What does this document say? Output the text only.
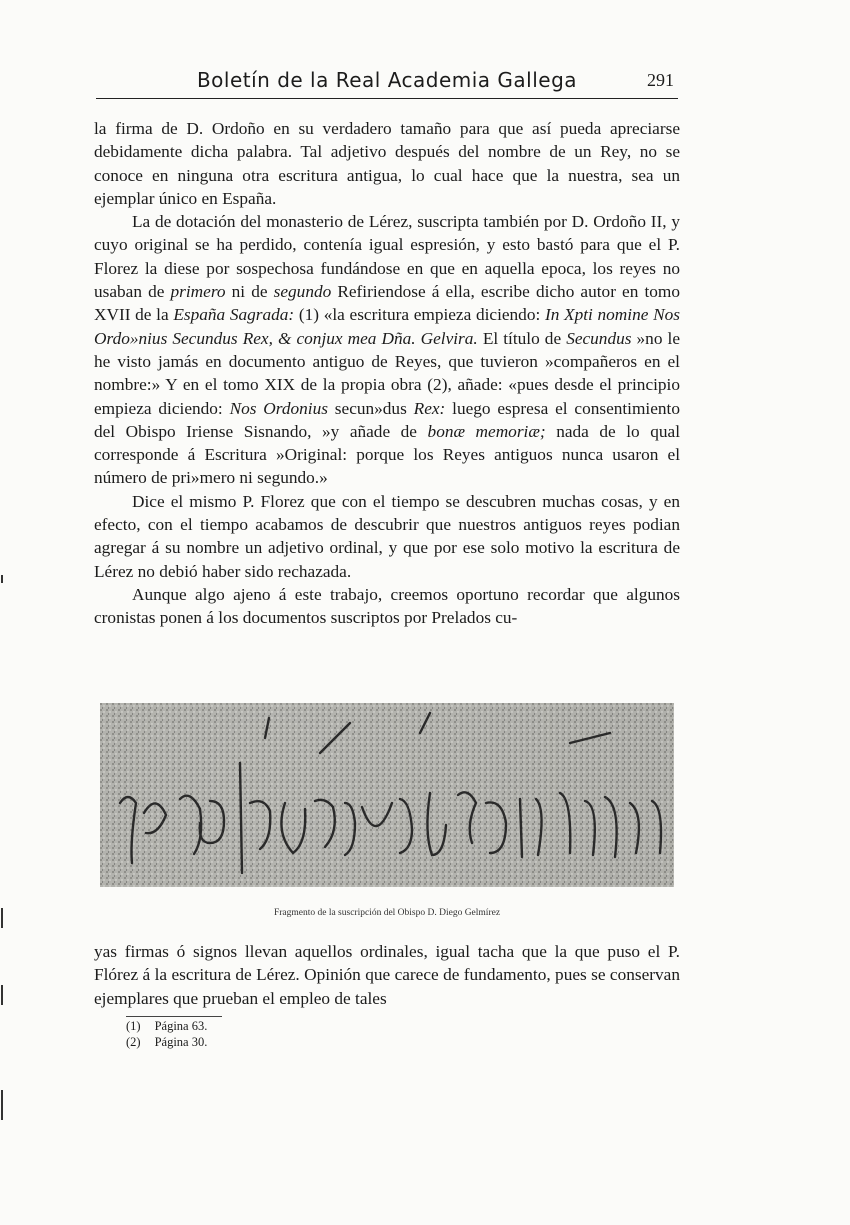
Boletín de la Real Academia Gallega	291

la firma de D. Ordoño en su verdadero tamaño para que así pueda apreciarse debidamente dicha palabra. Tal adjetivo después del nombre de un Rey, no se conoce en ninguna otra escritura antigua, lo cual hace que la nuestra, sea un ejemplar único en España.

La de dotación del monasterio de Lérez, suscripta también por D. Ordoño II, y cuyo original se ha perdido, contenía igual espresión, y esto bastó para que el P. Florez la diese por sospechosa fundándose en que en aquella epoca, los reyes no usaban de primero ni de segundo Refiriendose á ella, escribe dicho autor en tomo XVII de la España Sagrada: (1) «la escritura empieza diciendo: In Xpti nomine Nos Ordo»nius Secundus Rex, & conjux mea Dña. Gelvira. El título de Secundus »no le he visto jamás en documento antiguo de Reyes, que tuvieron »compañeros en el nombre:» Y en el tomo XIX de la propia obra (2), añade: «pues desde el principio empieza diciendo: Nos Ordonius secun»dus Rex: luego espresa el consentimiento del Obispo Iriense Sisnando, »y añade de bonæ memoriæ; nada de lo qual corresponde á Escritura »Original: porque los Reyes antiguos nunca usaron el número de pri»mero ni segundo.»

Dice el mismo P. Florez que con el tiempo se descubren muchas cosas, y en efecto, con el tiempo acabamos de descubrir que nuestros antiguos reyes podian agregar á su nombre un adjetivo ordinal, y que por ese solo motivo la escritura de Lérez no debió haber sido rechazada.

Aunque algo ajeno á este trabajo, creemos oportuno recordar que algunos cronistas ponen á los documentos suscriptos por Prelados cu-

Fragmento de la suscripción del Obispo D. Diego Gelmírez

yas firmas ó signos llevan aquellos ordinales, igual tacha que la que puso el P. Flórez á la escritura de Lérez. Opinión que carece de fundamento, pues se conservan ejemplares que prueban el empleo de tales

(1) Página 63.
(2) Página 30.
